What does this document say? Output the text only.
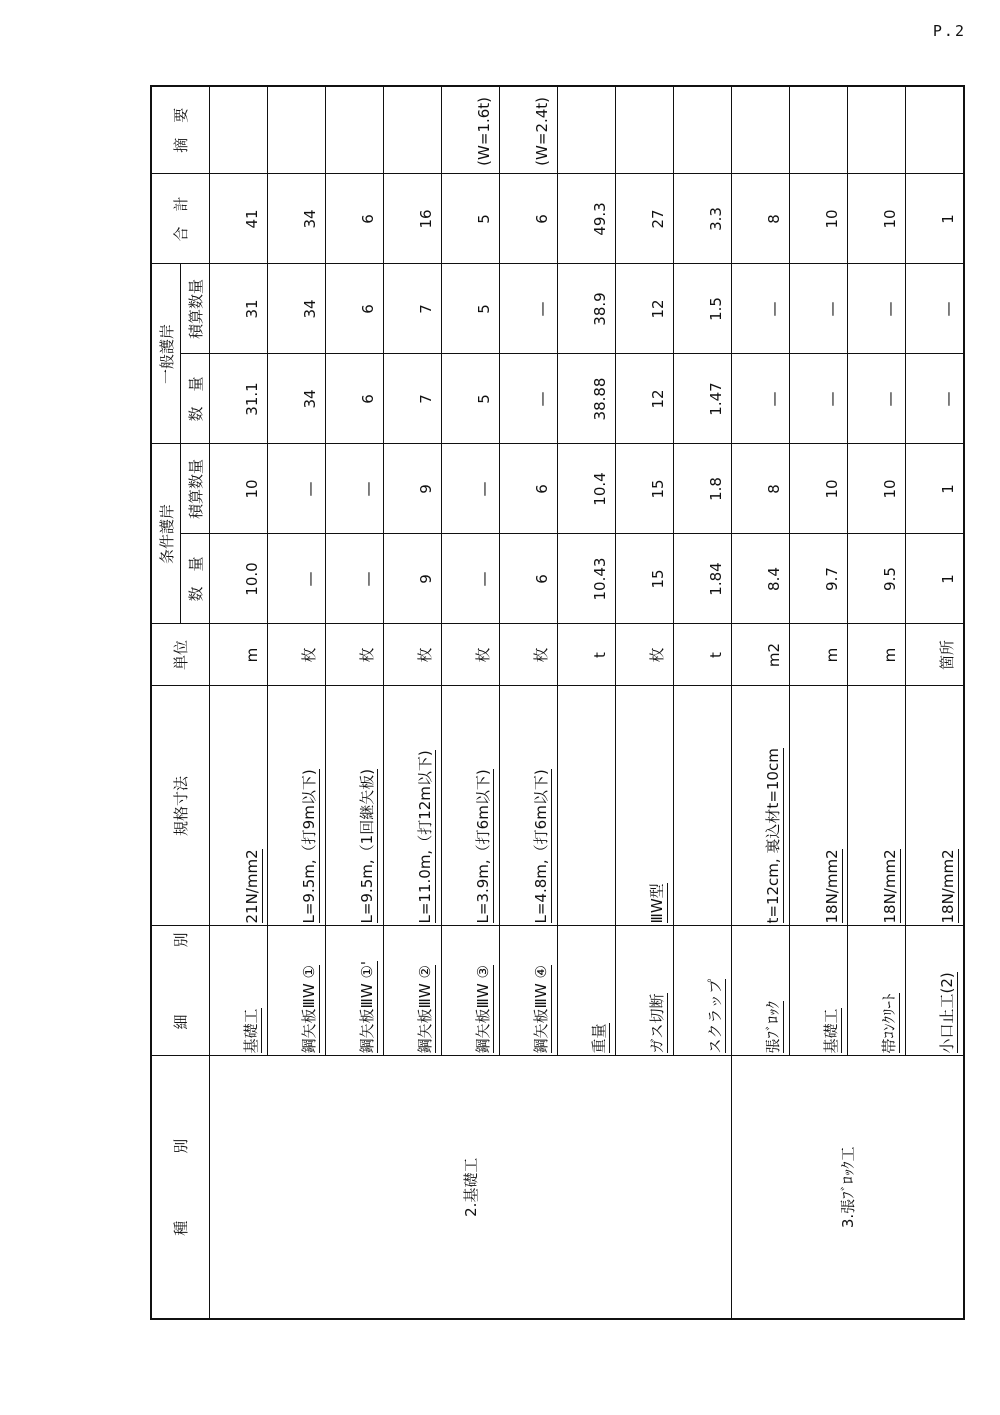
P.2
種　別	細　別	規格寸法	単位	条件護岸		一般護岸		合　計	摘　要
				数　量	積算数量	数　量	積算数量		
2.基礎工	基礎工	21N/mm2	m	10.0	10	31.1	31	41	
	鋼矢板ⅢW ①	L=9.5m,（打9m以下)	枚	—	—	34	34	34	
	鋼矢板ⅢW ①'	L=9.5m,（1回継矢板)	枚	—	—	6	6	6	
	鋼矢板ⅢW ②	L=11.0m,（打12m以下)	枚	9	9	7	7	16	
	鋼矢板ⅢW ③	L=3.9m,（打6m以下)	枚	—	—	5	5	5	(W=1.6t)
	鋼矢板ⅢW ④	L=4.8m,（打6m以下)	枚	6	6	—	—	6	(W=2.4t)
	重量		t	10.43	10.4	38.88	38.9	49.3	
	ガス切断	ⅢW型	枚	15	15	12	12	27	
	スクラップ		t	1.84	1.8	1.47	1.5	3.3	
3.張ﾌﾞﾛｯｸ工	張ﾌﾞﾛｯｸ	t=12cm, 裏込材t=10cm	m2	8.4	8	—	—	8	
	基礎工	18N/mm2	m	9.7	10	—	—	10	
	帯ｺﾝｸﾘｰﾄ	18N/mm2	m	9.5	10	—	—	10	
	小口止工(2)	18N/mm2	箇所	1	1	—	—	1	
